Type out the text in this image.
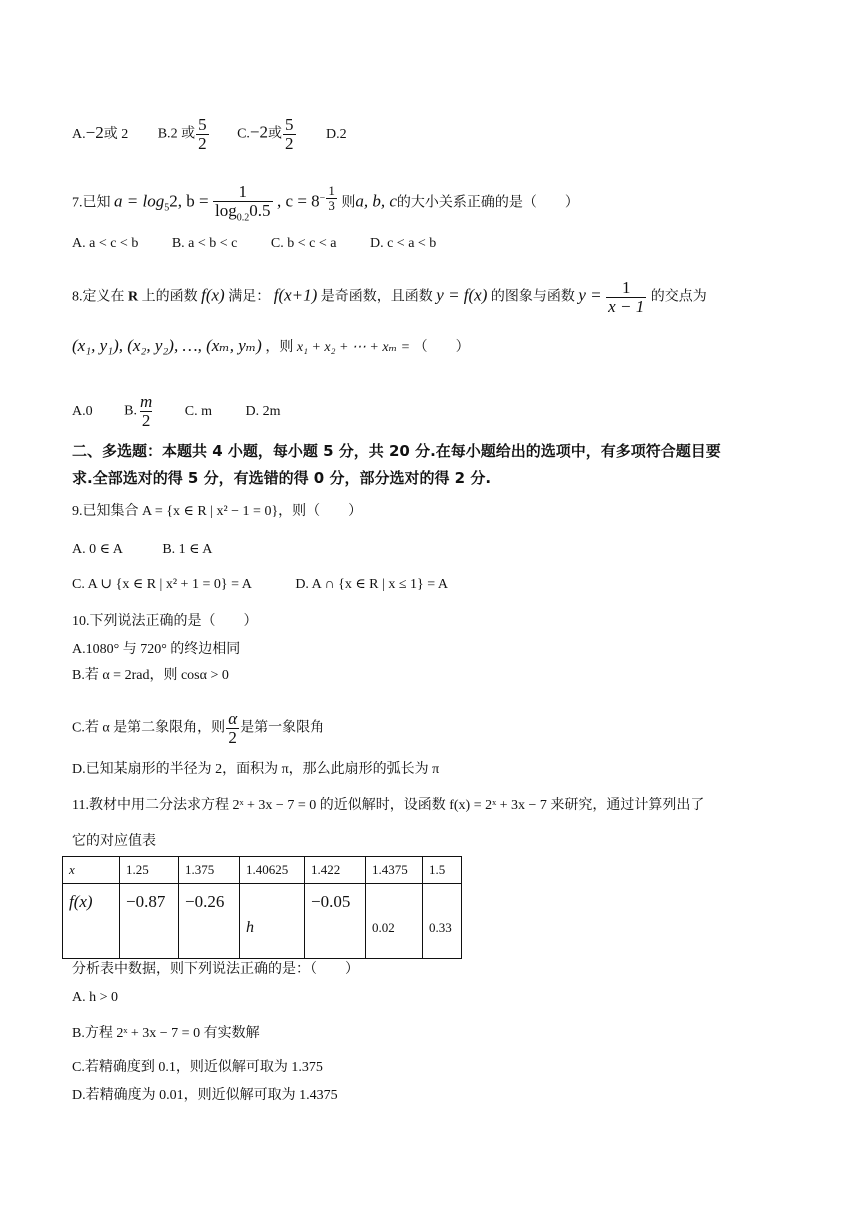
A.−2或 2 B.2 或 $\frac{5}{2} C.-2$或 $\frac{5}{2} D.2$
7.已知 $a = \log_52$, $b = \frac{1}{\log_{0.2}0.5}$ , $c = 8^{- \frac{1}{3}}$ 则a, b, c的大小关系正确的是（　　）
A. a < c < b B. a < b < c C. b < c < a D. c < a < b
8.定义在 R 上的函数 f(x) 满足： f(x+1) 是奇函数，且函数 y = f(x) 的图象与函数 $y = \frac{1}{x - 1}$ 的交点为
(x₁, y₁), (x₂, y₂), …, (xₘ, yₘ) ，则 x₁ + x₂ + ⋯ + xₘ = （　　）
A.0 B. $\frac{m}{2} C$. m D. 2m
二、多选题：本题共 4 小题，每小题 5 分，共 20 分.在每小题给出的选项中，有多项符合题目要
求.全部选对的得 5 分，有选错的得 0 分，部分选对的得 2 分.
9.已知集合 A = {x ∈ R | x² − 1 = 0}，则（　　）
A. 0 ∈ A	B. 1 ∈ A
C. A ∪ {x ∈ R | x² + 1 = 0} = A	D. A ∩ {x ∈ R | x ≤ 1} = A
10.下列说法正确的是（　　）
A.1080° 与 720° 的终边相同
B.若 α = 2rad，则 cosα > 0
C.若 α 是第二象限角，则 $\frac{\alpha}{2}$ 是第一象限角
D.已知某扇形的半径为 2，面积为 π，那么此扇形的弧长为 π
11.教材中用二分法求方程 2ˣ + 3x − 7 = 0 的近似解时，设函数 f(x) = 2ˣ + 3x − 7 来研究，通过计算列出了
它的对应值表
x	1.25	1.375	1.40625	1.422	1.4375	1.5
f(x)	−0.87	−0.26	h	−0.05	0.02	0.33
分析表中数据，则下列说法正确的是：（　　）
A. h > 0
B.方程 2ˣ + 3x − 7 = 0 有实数解
C.若精确度到 0.1，则近似解可取为 1.375
D.若精确度为 0.01，则近似解可取为 1.4375
